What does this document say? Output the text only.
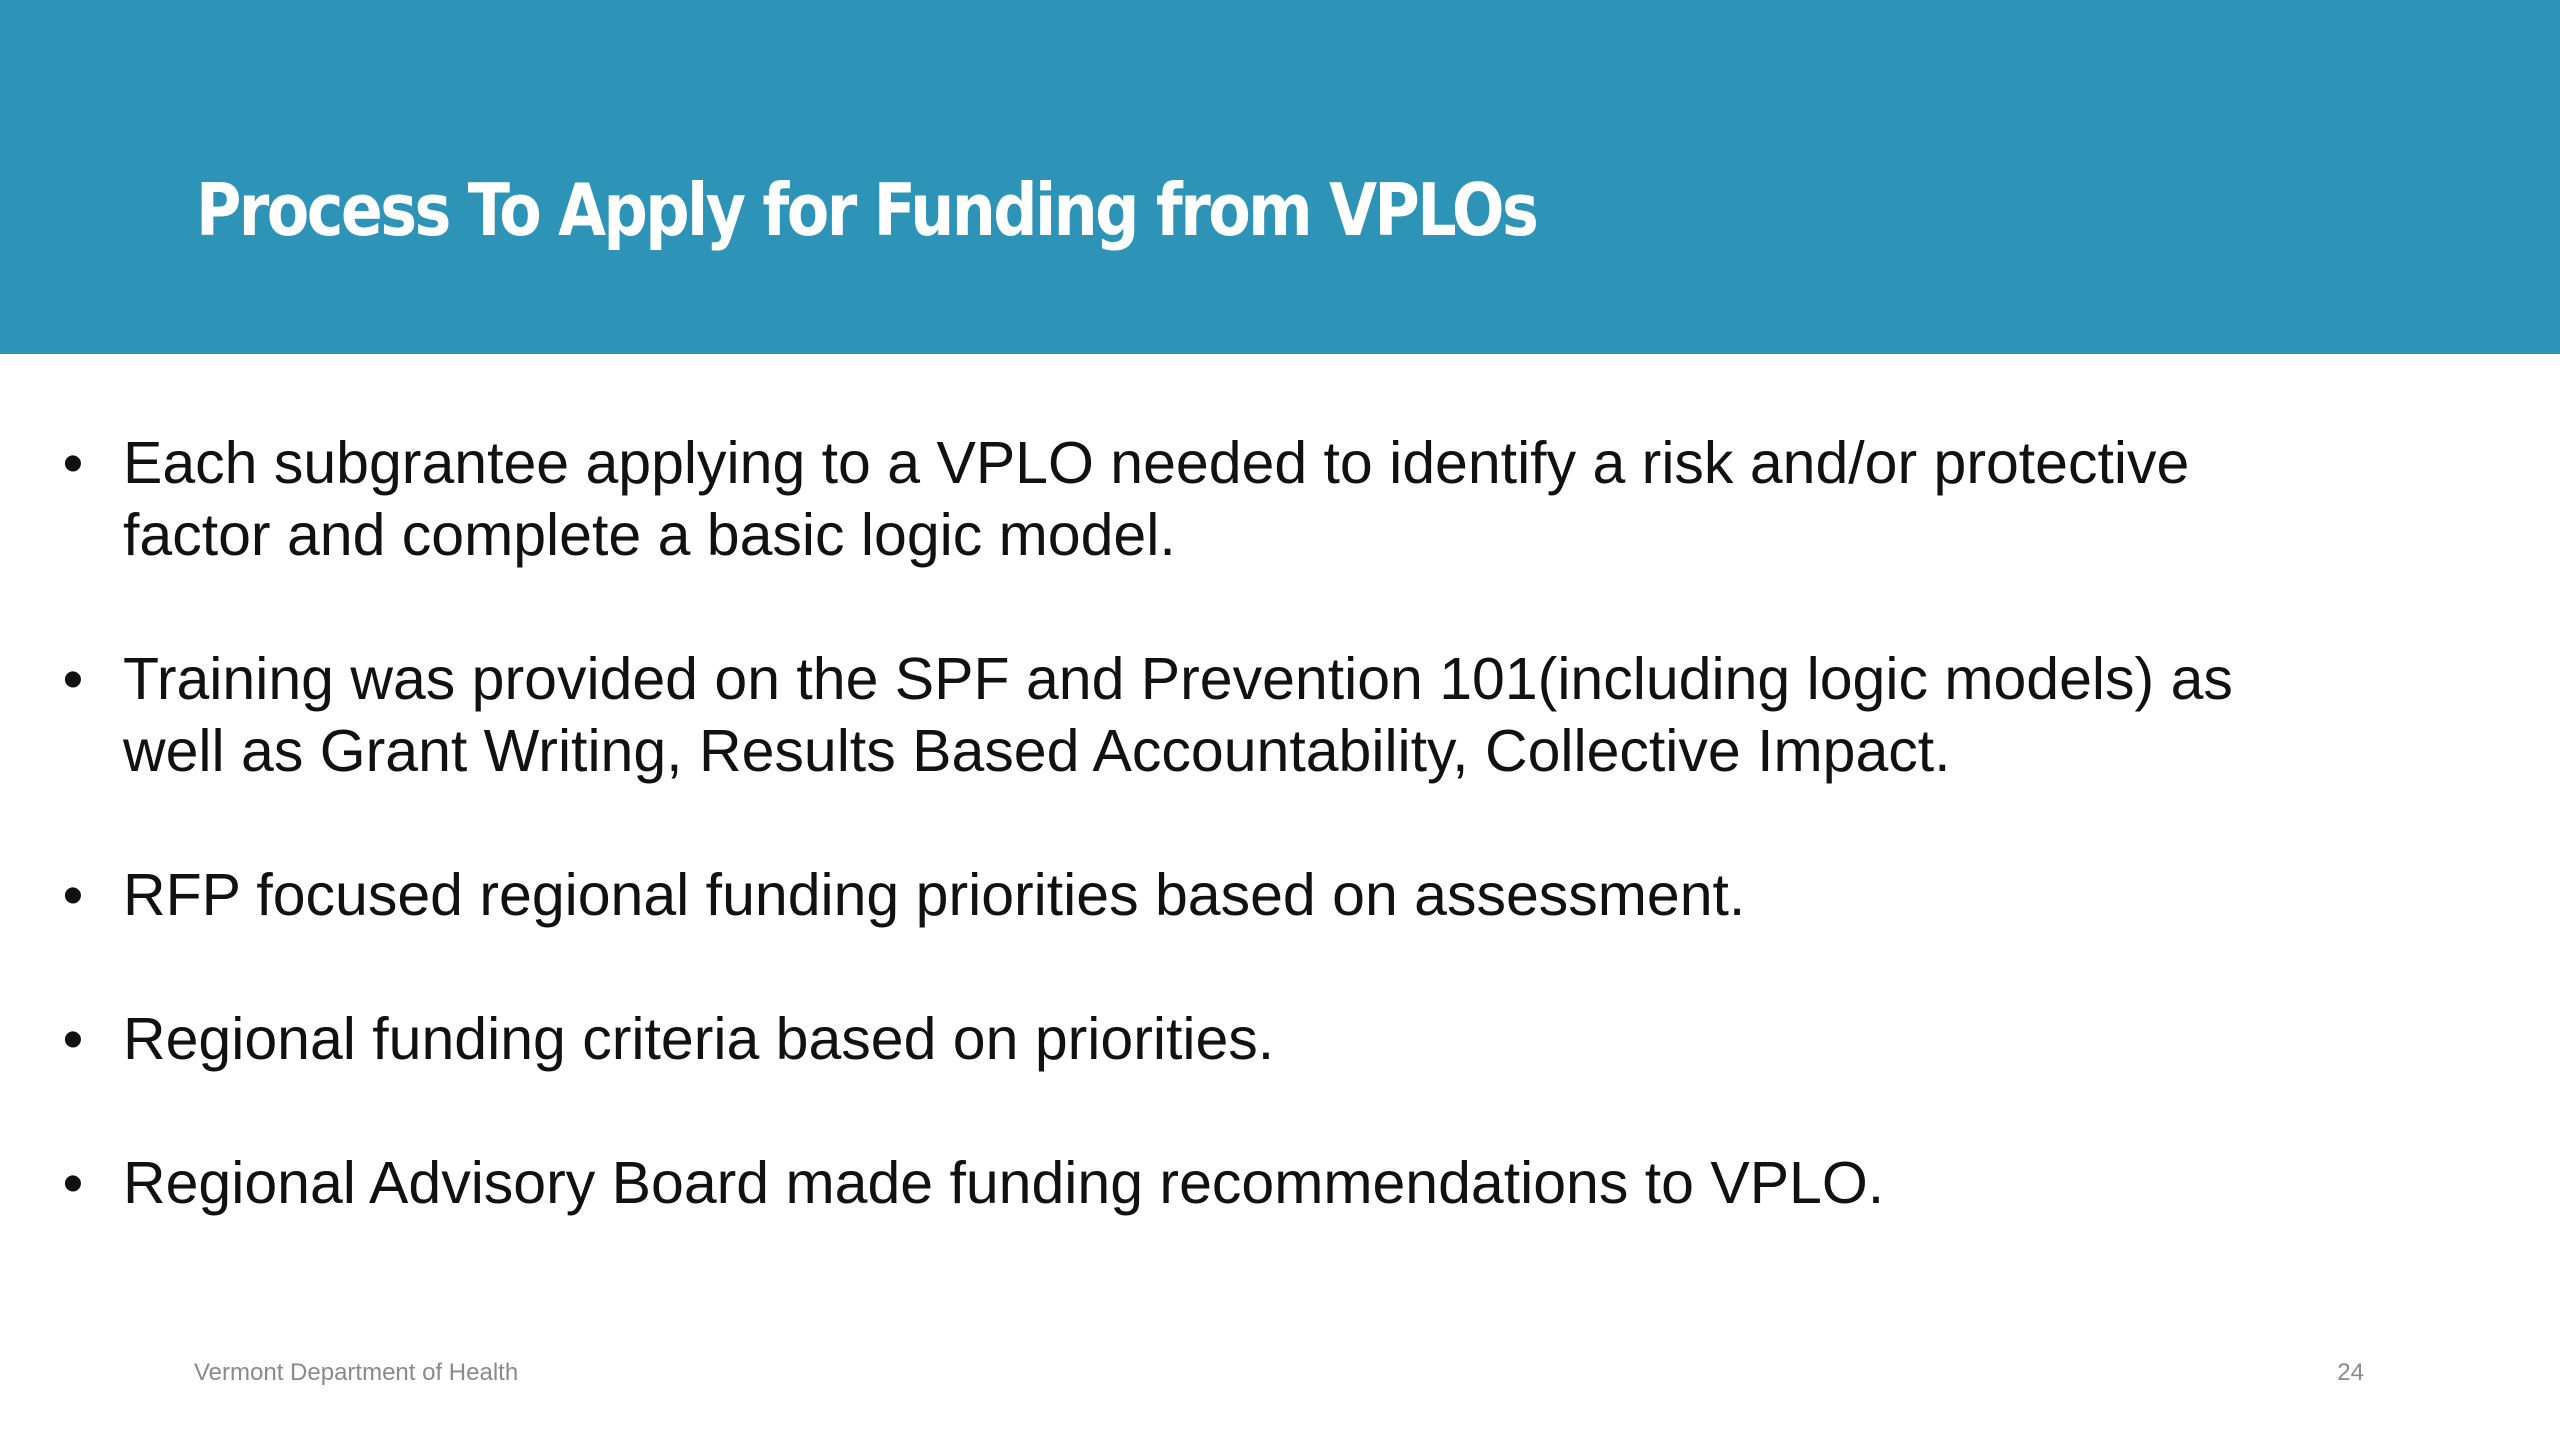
Process To Apply for Funding from VPLOs
• Each subgrantee applying to a VPLO needed to identify a risk and/or protective
factor and complete a basic logic model.
• Training was provided on the SPF and Prevention 101(including logic models) as
well as Grant Writing, Results Based Accountability, Collective Impact.
• RFP focused regional funding priorities based on assessment.
• Regional funding criteria based on priorities.
• Regional Advisory Board made funding recommendations to VPLO.
Vermont Department of Health	24
